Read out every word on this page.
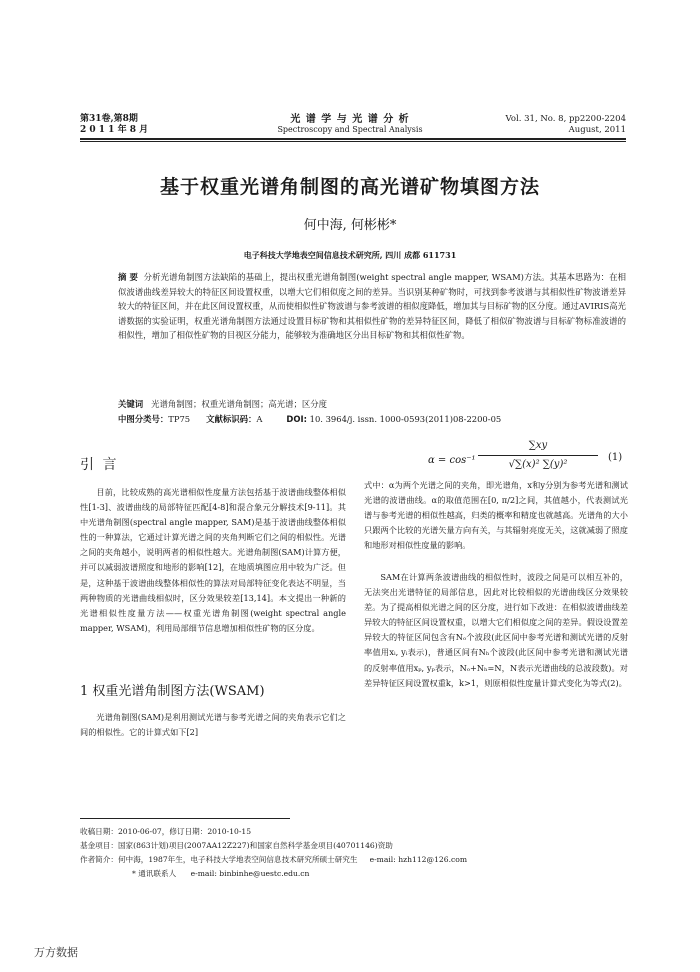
第31卷,第8期
2 0 1 1 年 8 月
光 谱 学 与 光 谱 分 析
Spectroscopy and Spectral Analysis
Vol. 31, No. 8, pp2200-2204
August, 2011
基于权重光谱角制图的高光谱矿物填图方法
何中海, 何彬彬*
电子科技大学地表空间信息技术研究所, 四川 成都 611731
摘 要 分析光谱角制图方法缺陷的基础上，提出权重光谱角制图(weight spectral angle mapper, WSAM)方法。其基本思路为：在相似波谱曲线差异较大的特征区间设置权重，以增大它们相似度之间的差异。当识别某种矿物时，可找到参考波谱与其相似性矿物波谱差异较大的特征区间，并在此区间设置权重，从而使相似性矿物波谱与参考波谱的相似度降低，增加其与目标矿物的区分度。通过AVIRIS高光谱数据的实验证明，权重光谱角制图方法通过设置目标矿物和其相似性矿物的差异特征区间，降低了相似矿物波谱与目标矿物标准波谱的相似性，增加了相似性矿物的目视区分能力，能够较为准确地区分出目标矿物和其相似性矿物。
关键词 光谱角制图；权重光谱角制图；高光谱；区分度
中图分类号：TP75 文献标识码：A	DOI: 10. 3964/j. issn. 1000-0593(2011)08-2200-05
引 言
目前，比较成熟的高光谱相似性度量方法包括基于波谱曲线整体相似性[1-3]、波谱曲线的局部特征匹配[4-8]和混合象元分解技术[9-11]。其中光谱角制图(spectral angle mapper, SAM)是基于波谱曲线整体相似性的一种算法，它通过计算光谱之间的夹角判断它们之间的相似性。光谱之间的夹角越小，说明两者的相似性越大。光谱角制图(SAM)计算方便，并可以减弱波谱照度和地形的影响[12]，在地质填图应用中较为广泛。但是，这种基于波谱曲线整体相似性的算法对局部特征变化表达不明显，当两种物质的光谱曲线相似时，区分效果较差[13,14]。本文提出一种新的光谱相似性度量方法——权重光谱角制图(weight spectral angle mapper, WSAM)，利用局部细节信息增加相似性矿物的区分度。
1 权重光谱角制图方法(WSAM)
光谱角制图(SAM)是利用测试光谱与参考光谱之间的夹角表示它们之间的相似性。它的计算式如下[2]
α = cos⁻¹
∑xy
√∑(x)² ∑(y)²
(1)
式中：α为两个光谱之间的夹角，即光谱角，x和y分别为参考光谱和测试光谱的波谱曲线。α的取值范围在[0, π/2]之间，其值越小，代表测试光谱与参考光谱的相似性越高，归类的概率和精度也就越高。光谱角的大小只跟两个比较的光谱矢量方向有关，与其辐射亮度无关，这就减弱了照度和地形对相似性度量的影响。
SAM在计算两条波谱曲线的相似性时，波段之间是可以相互补的，无法突出光谱特征的局部信息，因此对比较相似的光谱曲线区分效果较差。为了提高相似光谱之间的区分度，进行如下改进：在相似波谱曲线差异较大的特征区间设置权重，以增大它们相似度之间的差异。假设设置差异较大的特征区间包含有Nₒ个波段(此区间中参考光谱和测试光谱的反射率值用xᵢ, yᵢ表示)，普通区间有Nₕ个波段(此区间中参考光谱和测试光谱的反射率值用xₚ, yₚ表示，Nₒ+Nₕ=N，N表示光谱曲线的总波段数)。对差异特征区间设置权重k，k>1，则原相似性度量计算式变化为等式(2)。
收稿日期：2010-06-07，修订日期：2010-10-15
基金项目：国家(863计划)项目(2007AA12Z227)和国家自然科学基金项目(40701146)资助
作者简介：何中海，1987年生，电子科技大学地表空间信息技术研究所硕士研究生 e-mail: hzh112@126.com
* 通讯联系人 e-mail: binbinhe@uestc.edu.cn
万方数据
